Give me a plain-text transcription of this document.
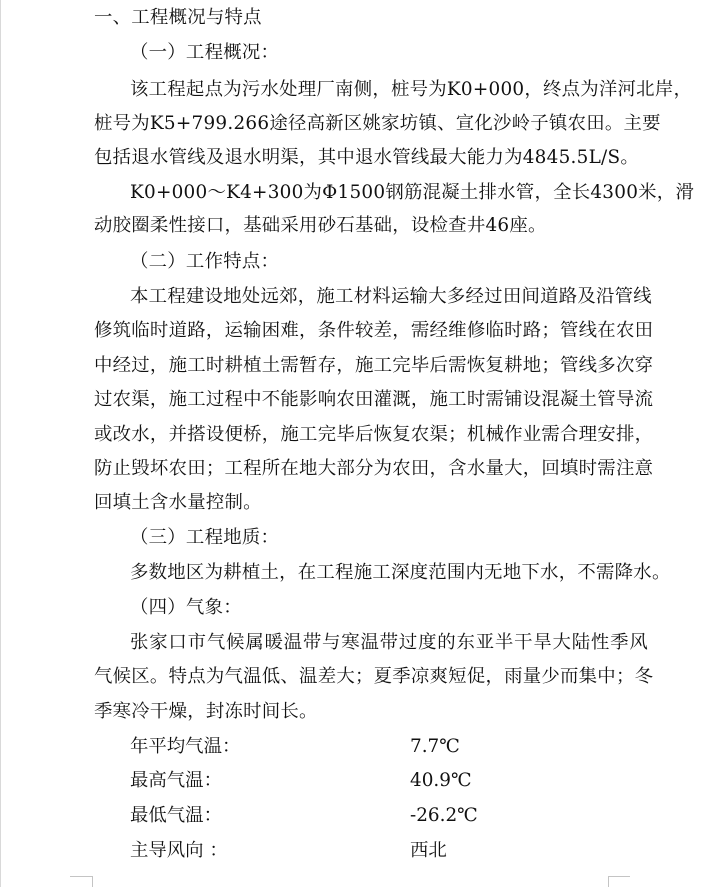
一、工程概况与特点
（一）工程概况：
该工程起点为污水处理厂南侧，桩号为K0+000，终点为洋河北岸，
桩号为K5+799.266途径高新区姚家坊镇、宣化沙岭子镇农田。主要
包括退水管线及退水明渠，其中退水管线最大能力为4845.5L/S。
K0+000～K4+300为Φ1500钢筋混凝土排水管，全长4300米，滑
动胶圈柔性接口，基础采用砂石基础，设检查井46座。
（二）工作特点：
本工程建设地处远郊，施工材料运输大多经过田间道路及沿管线
修筑临时道路，运输困难，条件较差，需经维修临时路；管线在农田
中经过，施工时耕植土需暂存，施工完毕后需恢复耕地；管线多次穿
过农渠，施工过程中不能影响农田灌溉，施工时需铺设混凝土管导流
或改水，并搭设便桥，施工完毕后恢复农渠；机械作业需合理安排，
防止毁坏农田；工程所在地大部分为农田，含水量大，回填时需注意
回填土含水量控制。
（三）工程地质：
多数地区为耕植土，在工程施工深度范围内无地下水，不需降水。
（四）气象：
张家口市气候属暖温带与寒温带过度的东亚半干旱大陆性季风
气候区。特点为气温低、温差大；夏季凉爽短促，雨量少而集中；冬
季寒冷干燥，封冻时间长。
年平均气温：	7.7℃
最高气温：	40.9℃
最低气温：	-26.2℃
主导风向 ：	西北
